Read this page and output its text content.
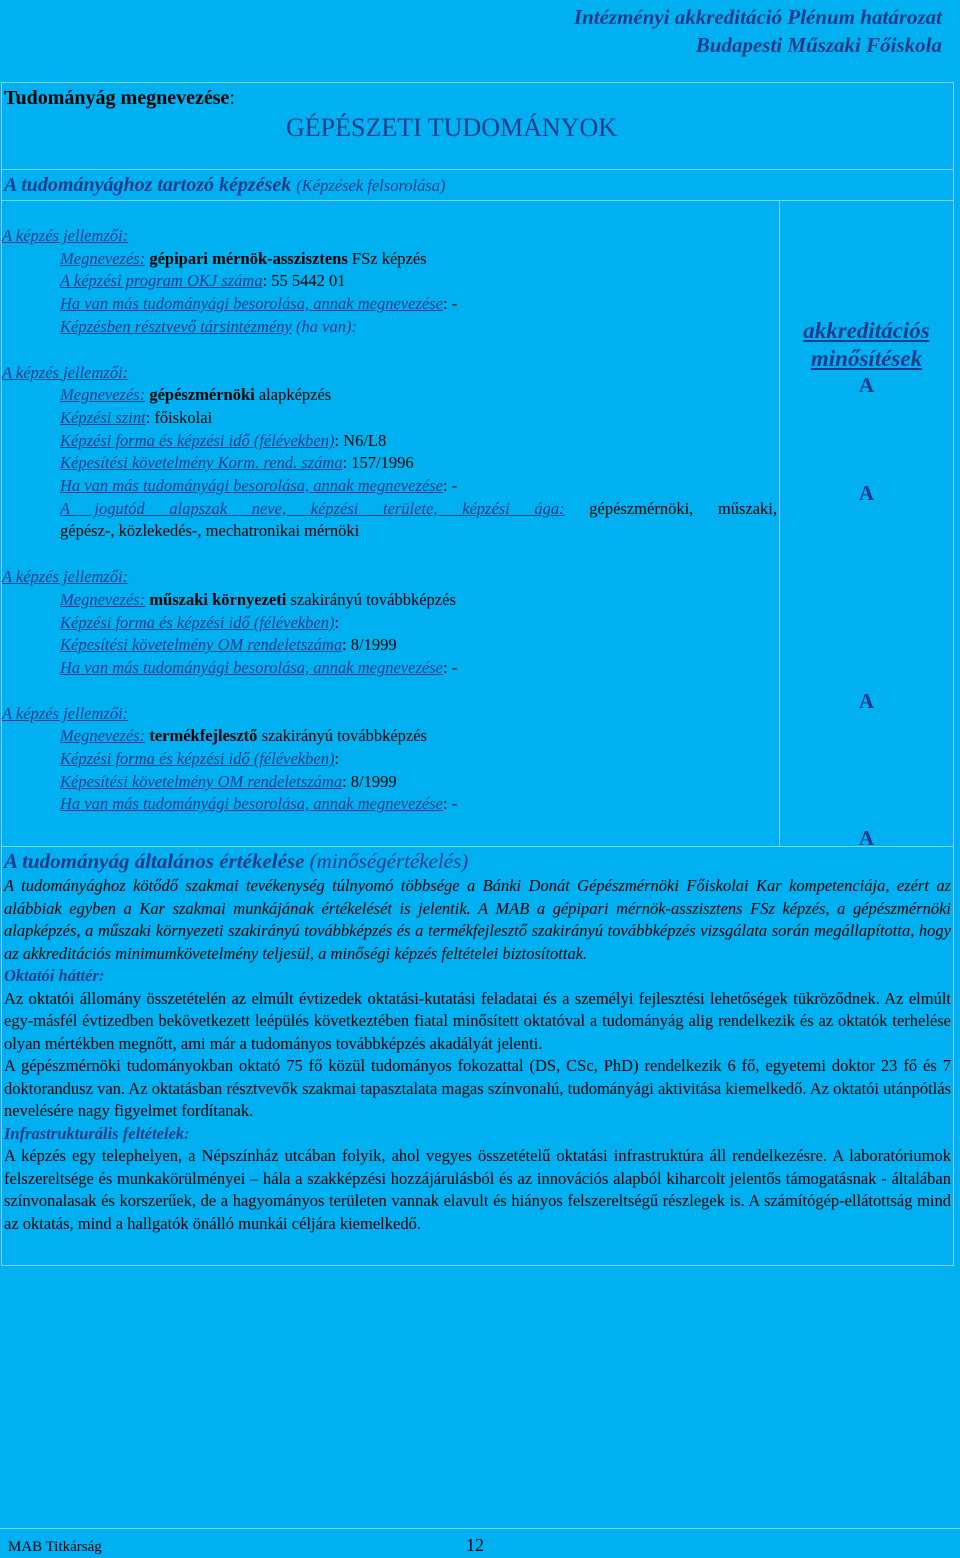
Intézményi akkreditáció Plénum határozat
Budapesti Műszaki Főiskola
Tudományág megnevezése:
GÉPÉSZETI TUDOMÁNYOK
A tudományághoz tartozó képzések (Képzések felsorolása)
A képzés jellemzői:
Megnevezés: gépipari mérnök-asszisztens FSz képzés
A képzési program OKJ száma: 55 5442 01
Ha van más tudományági besorolása, annak megnevezése: -
Képzésben résztvevő társintézmény (ha van):
A képzés jellemzői:
Megnevezés: gépészmérnöki alapképzés
Képzési szint: főiskolai
Képzési forma és képzési idő (félévekben): N6/L8
Képesítési követelmény Korm. rend. száma: 157/1996
Ha van más tudományági besorolása, annak megnevezése: -
A jogutód alapszak neve, képzési területe, képzési ága: gépészmérnöki, műszaki,
gépész-, közlekedés-, mechatronikai mérnöki
A képzés jellemzői:
Megnevezés: műszaki környezeti szakirányú továbbképzés
Képzési forma és képzési idő (félévekben):
Képesítési követelmény OM rendeletszáma: 8/1999
Ha van más tudományági besorolása, annak megnevezése: -
A képzés jellemzői:
Megnevezés: termékfejlesztő szakirányú továbbképzés
Képzési forma és képzési idő (félévekben):
Képesítési követelmény OM rendeletszáma: 8/1999
Ha van más tudományági besorolása, annak megnevezése: -
akkreditációs
minősítések
A
A
A
A
A tudományág általános értékelése (minőségértékelés)

A tudományághoz kötődő szakmai tevékenység túlnyomó többsége a Bánki Donát Gépészmérnöki Főiskolai Kar kompetenciája, ezért az alábbiak egyben a Kar szakmai munkájának értékelését is jelentik. A MAB a gépipari mérnök-asszisztens FSz képzés, a gépészmérnöki alapképzés, a műszaki környezeti szakirányú továbbképzés és a termékfejlesztő szakirányú továbbképzés vizsgálata során megállapította, hogy az akkreditációs minimumkövetelmény teljesül, a minőségi képzés feltételei biztosítottak.

Oktatói háttér:

Az oktatói állomány összetételén az elmúlt évtizedek oktatási-kutatási feladatai és a személyi fejlesztési lehetőségek tükröződnek. Az elmúlt egy-másfél évtizedben bekövetkezett leépülés következtében fiatal minősített oktatóval a tudományág alig rendelkezik és az oktatók terhelése olyan mértékben megnőtt, ami már a tudományos továbbképzés akadályát jelenti.

A gépészmérnöki tudományokban oktató 75 fő közül tudományos fokozattal (DS, CSc, PhD) rendelkezik 6 fő, egyetemi doktor 23 fő és 7 doktorandusz van. Az oktatásban résztvevők szakmai tapasztalata magas színvonalú, tudományági aktivitása kiemelkedő. Az oktatói utánpótlás nevelésére nagy figyelmet fordítanak.

Infrastrukturális feltételek:

A képzés egy telephelyen, a Népszínház utcában folyik, ahol vegyes összetételű oktatási infrastruktúra áll rendelkezésre. A laboratóriumok felszereltsége és munkakörülményei – hála a szakképzési hozzájárulásból és az innovációs alapból kiharcolt jelentős támogatásnak - általában színvonalasak és korszerűek, de a hagyományos területen vannak elavult és hiányos felszereltségű részlegek is. A számítógép-ellátottság mind az oktatás, mind a hallgatók önálló munkái céljára kiemelkedő.

MAB Titkárság	12
